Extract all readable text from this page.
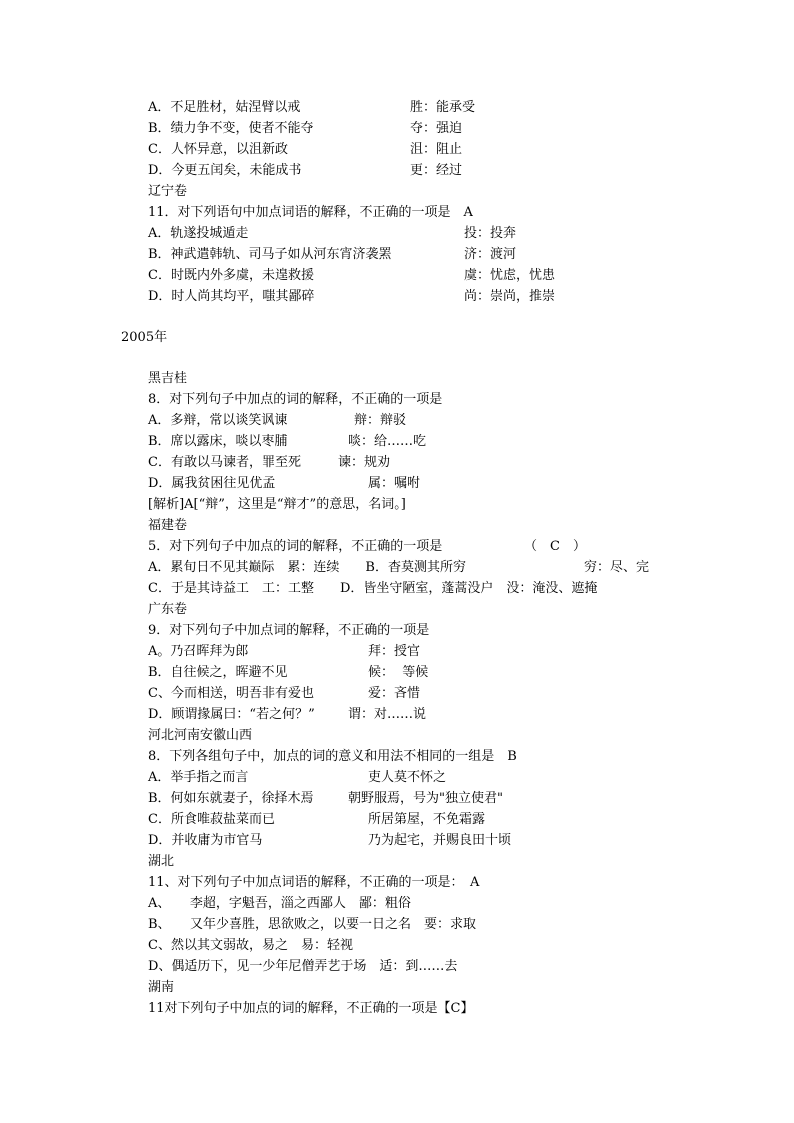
A．不足胜材，姑涅臂以戒	胜：能承受
B．绩力争不变，使者不能夺	夺：强迫
C．人怀异意，以沮新政	沮：阻止
D．今更五闰矣，未能成书	更：经过
辽宁卷
11．对下列语句中加点词语的解释，不正确的一项是　A
A．轨遂投城遁走	投：投奔
B．神武遣韩轨、司马子如从河东宵济袭罴	济：渡河
C．时既内外多虞，未遑救援	虞：忧虑，忧患
D．时人尚其均平，嗤其鄙碎	尚：崇尚，推崇
2005年
黑吉桂
8．对下列句子中加点的词的解释，不正确的一项是
A．多辩，常以谈笑讽谏	辩：辩驳
B．席以露床，啖以枣脯	啖：给……吃
C．有敢以马谏者，罪至死	谏：规劝
D．属我贫困往见优孟	属：嘱咐
[解析]A[“辩”，这里是“辩才”的意思，名词。]
福建卷
5．对下列句子中加点的词的解释，不正确的一项是	（　C　）
A．累旬日不见其巅际　累：连续　　B．杳莫测其所穷	穷：尽、完
C．于是其诗益工　工：工整　　D．皆坐守陋室，蓬蒿没户　没：淹没、遮掩
广东卷
9．对下列句子中加点词的解释，不正确的一项是
A。乃召晖拜为郎	拜：授官
B．自往候之，晖避不见	候：  等候
C、今而相送，明吾非有爱也	爱：吝惜
D．顾谓掾属曰：“若之何？”	谓：对……说
河北河南安徽山西
8．下列各组句子中，加点的词的意义和用法不相同的一组是　B
A．举手指之而言	吏人莫不怀之
B．何如东就妻子，徐择木焉	朝野服焉，号为"独立使君"
C．所食唯菽盐菜而已	所居第屋，不免霜露
D．并收庸为市官马	乃为起宅，并赐良田十顷
湖北
11、对下列句子中加点词语的解释，不正确的一项是：　A
A、　　李超，字魁吾，淄之西鄙人　鄙：粗俗
B、　　又年少喜胜，思欲败之，以要一日之名　要：求取
C、然以其文弱故，易之　易：轻视
D、偶适历下，见一少年尼僧弄艺于场　适：到……去
湖南
11对下列句子中加点的词的解释，不正确的一项是【C】
